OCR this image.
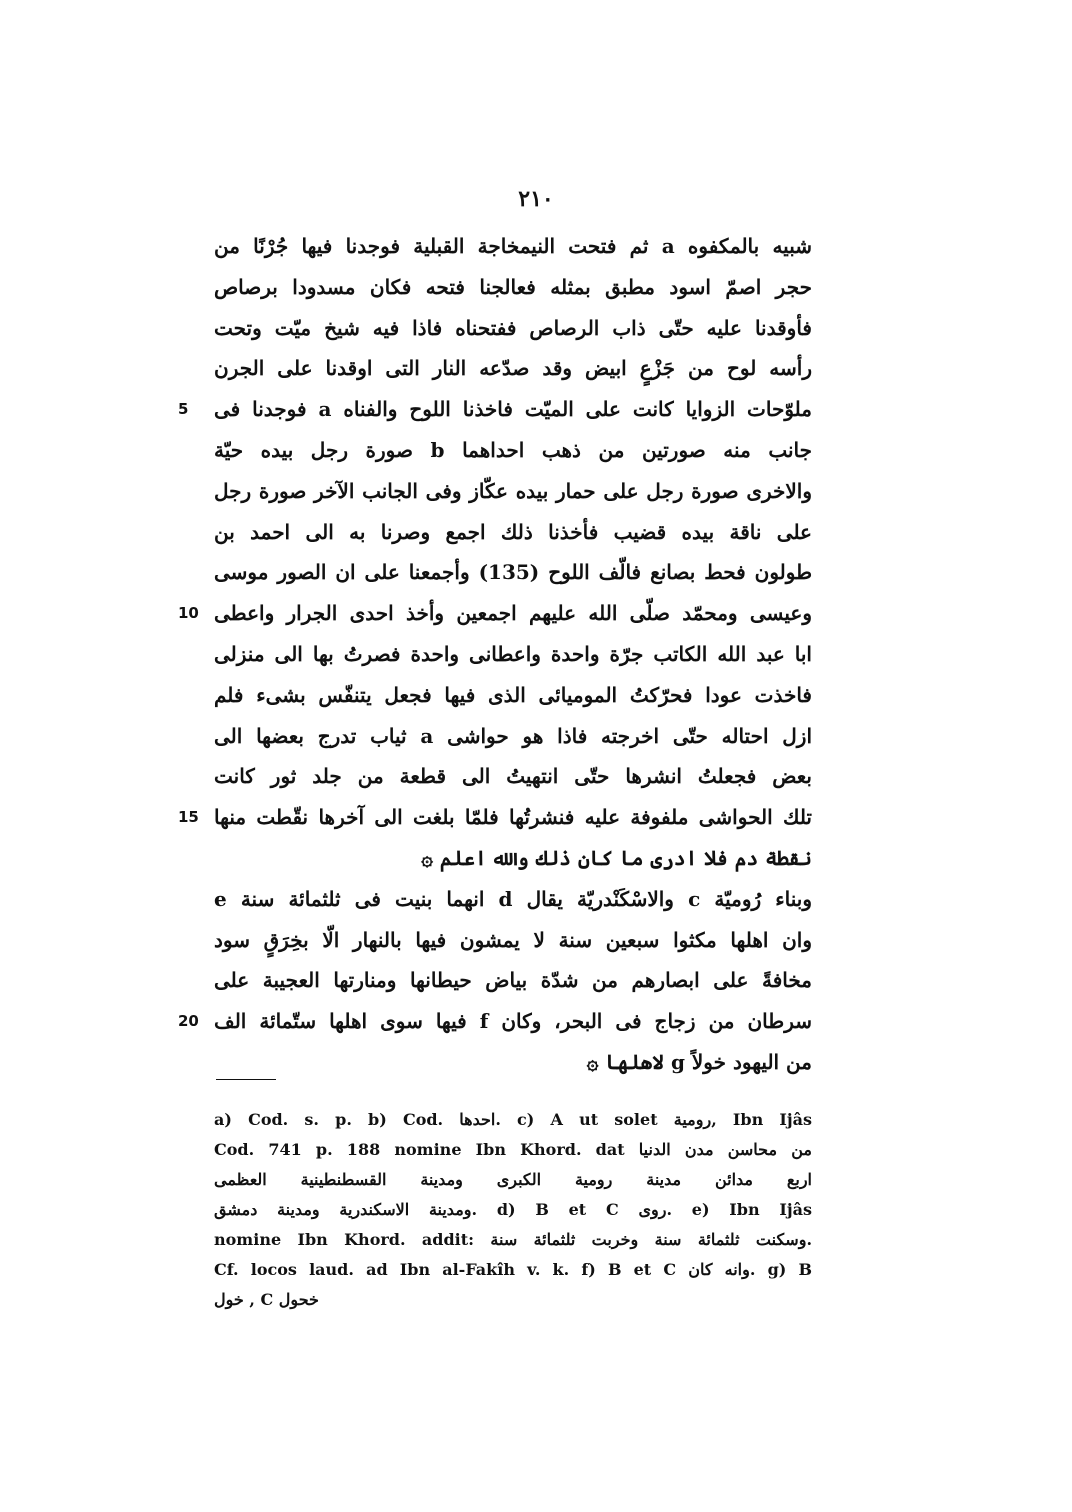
٢١٠
شبيه بالمكفوه a ثم فتحت النيمخاجة القبلية فوجدنا فيها جُرْنًا من
حجر اصمّ اسود مطبق بمثله فعالجنا فتحه فكان مسدودا برصاص
فأوقدنا عليه حتّى ذاب الرصاص ففتحناه فاذا فيه شيخ ميّت وتحت
رأسه لوح من جَزْعٍ ابيض وقد صدّعه النار التى اوقدنا على الجرن
ملوّحات الزوايا كانت على الميّت فاخذنا اللوح والفناه a فوجدنا فى
5
جانب منه صورتين من ذهب احداهما b صورة رجل بيده حيّة
والاخرى صورة رجل على حمار بيده عكّاز وفى الجانب الآخر صورة رجل
على ناقة بيده قضيب فأخذنا ذلك اجمع وصرنا به الى احمد بن
طولون فحط بصانع فالّف اللوح (135) وأجمعنا على ان الصور موسى
وعيسى ومحمّد صلّى الله عليهم اجمعين وأخذ احدى الجرار واعطى
10
ابا عبد الله الكاتب جرّة واحدة واعطانى واحدة فصرتُ بها الى منزلى
فاخذت عودا فحرّكتُ الموميائى الذى فيها فجعل يتنفّس بشىء فلم
ازل احتاله حتّى اخرجته فاذا هو حواشى a ثياب تدرج بعضها الى
بعض فجعلتُ انشرها حتّى انتهيتُ الى قطعة من جلد ثور كانت
تلك الحواشى ملفوفة عليه فنشرتُها فلمّا بلغت الى آخرها نقّطت منها
15
نقطة دم فلا ادرى ما كان ذلك والله اعلم ۞
وبناء رُوميّة c والاسْكَنْدريّة يقال d انهما بنيت فى ثلثمائة سنة e
وان اهلها مكثوا سبعين سنة لا يمشون فيها بالنهار الّا بخِرَقٍ سود
مخافةً على ابصارهم من شدّة بياض حيطانها ومنارتها العجيبة على
سرطان من زجاج فى البحر، وكان f فيها سوى اهلها ستّمائة الف
20
من اليهود خولاً g لاهلها ۞
a) Cod. s. p. b) Cod. احدها. c) A ut solet رومية, Ibn Ijâs
Cod. 741 p. 188 nomine Ibn Khord. dat من محاسن مدن الدنيا
اربع مدائن مدينة رومية الكبرى ومدينة القسطنطينية العظمى
ومدينة الاسكندرية ومدينة دمشق. d) B et C روى. e) Ibn Ijâs
nomine Ibn Khord. addit: وسكنت ثلثمائة سنة وخربت ثلثمائة سنة.
Cf. locos laud. ad Ibn al-Fakîh v. k. f) B et C وانه كان. g) B
خول , C خحول
